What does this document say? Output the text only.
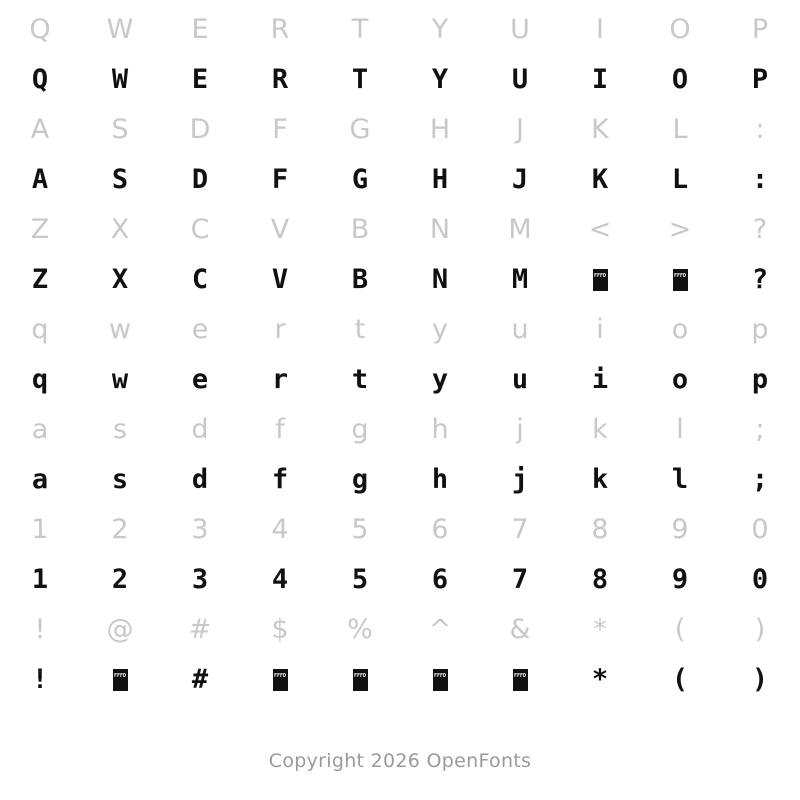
Q	W	E	R	T	Y	U	I	O	P
Q	W	E	R	T	Y	U	I	O	P
A	S	D	F	G	H	J	K	L	:
A	S	D	F	G	H	J	K	L	:
Z	X	C	V	B	N	M	<	>	?
Z	X	C	V	B	N	M	FFFD	FFFD	?
q	w	e	r	t	y	u	i	o	p
q	w	e	r	t	y	u	i	o	p
a	s	d	f	g	h	j	k	l	;
a	s	d	f	g	h	j	k	l	;
1	2	3	4	5	6	7	8	9	0
1	2	3	4	5	6	7	8	9	0
!	@	#	$	%	^	&	*	(	)
!	FFFD	#	FFFD	FFFD	FFFD	FFFD	*	(	)
Copyright 2026 OpenFonts
